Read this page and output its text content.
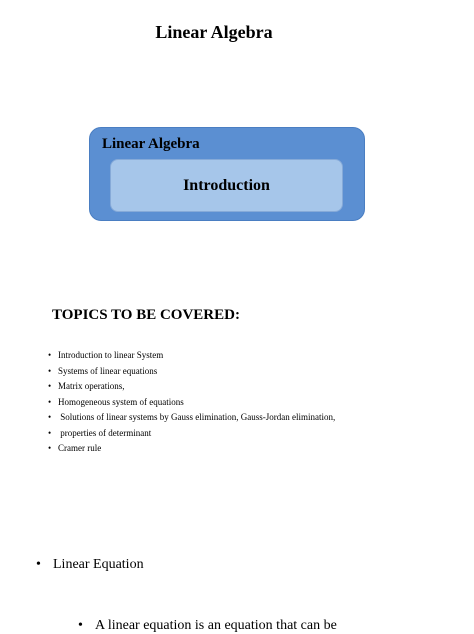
Linear Algebra
Linear Algebra
Introduction
TOPICS TO BE COVERED:
• Introduction to linear System
• Systems of linear equations
• Matrix operations,
• Homogeneous system of equations
• Solutions of linear systems by Gauss elimination, Gauss-Jordan elimination,
• properties of determinant
• Cramer rule
• Linear Equation
• A linear equation is an equation that can be
